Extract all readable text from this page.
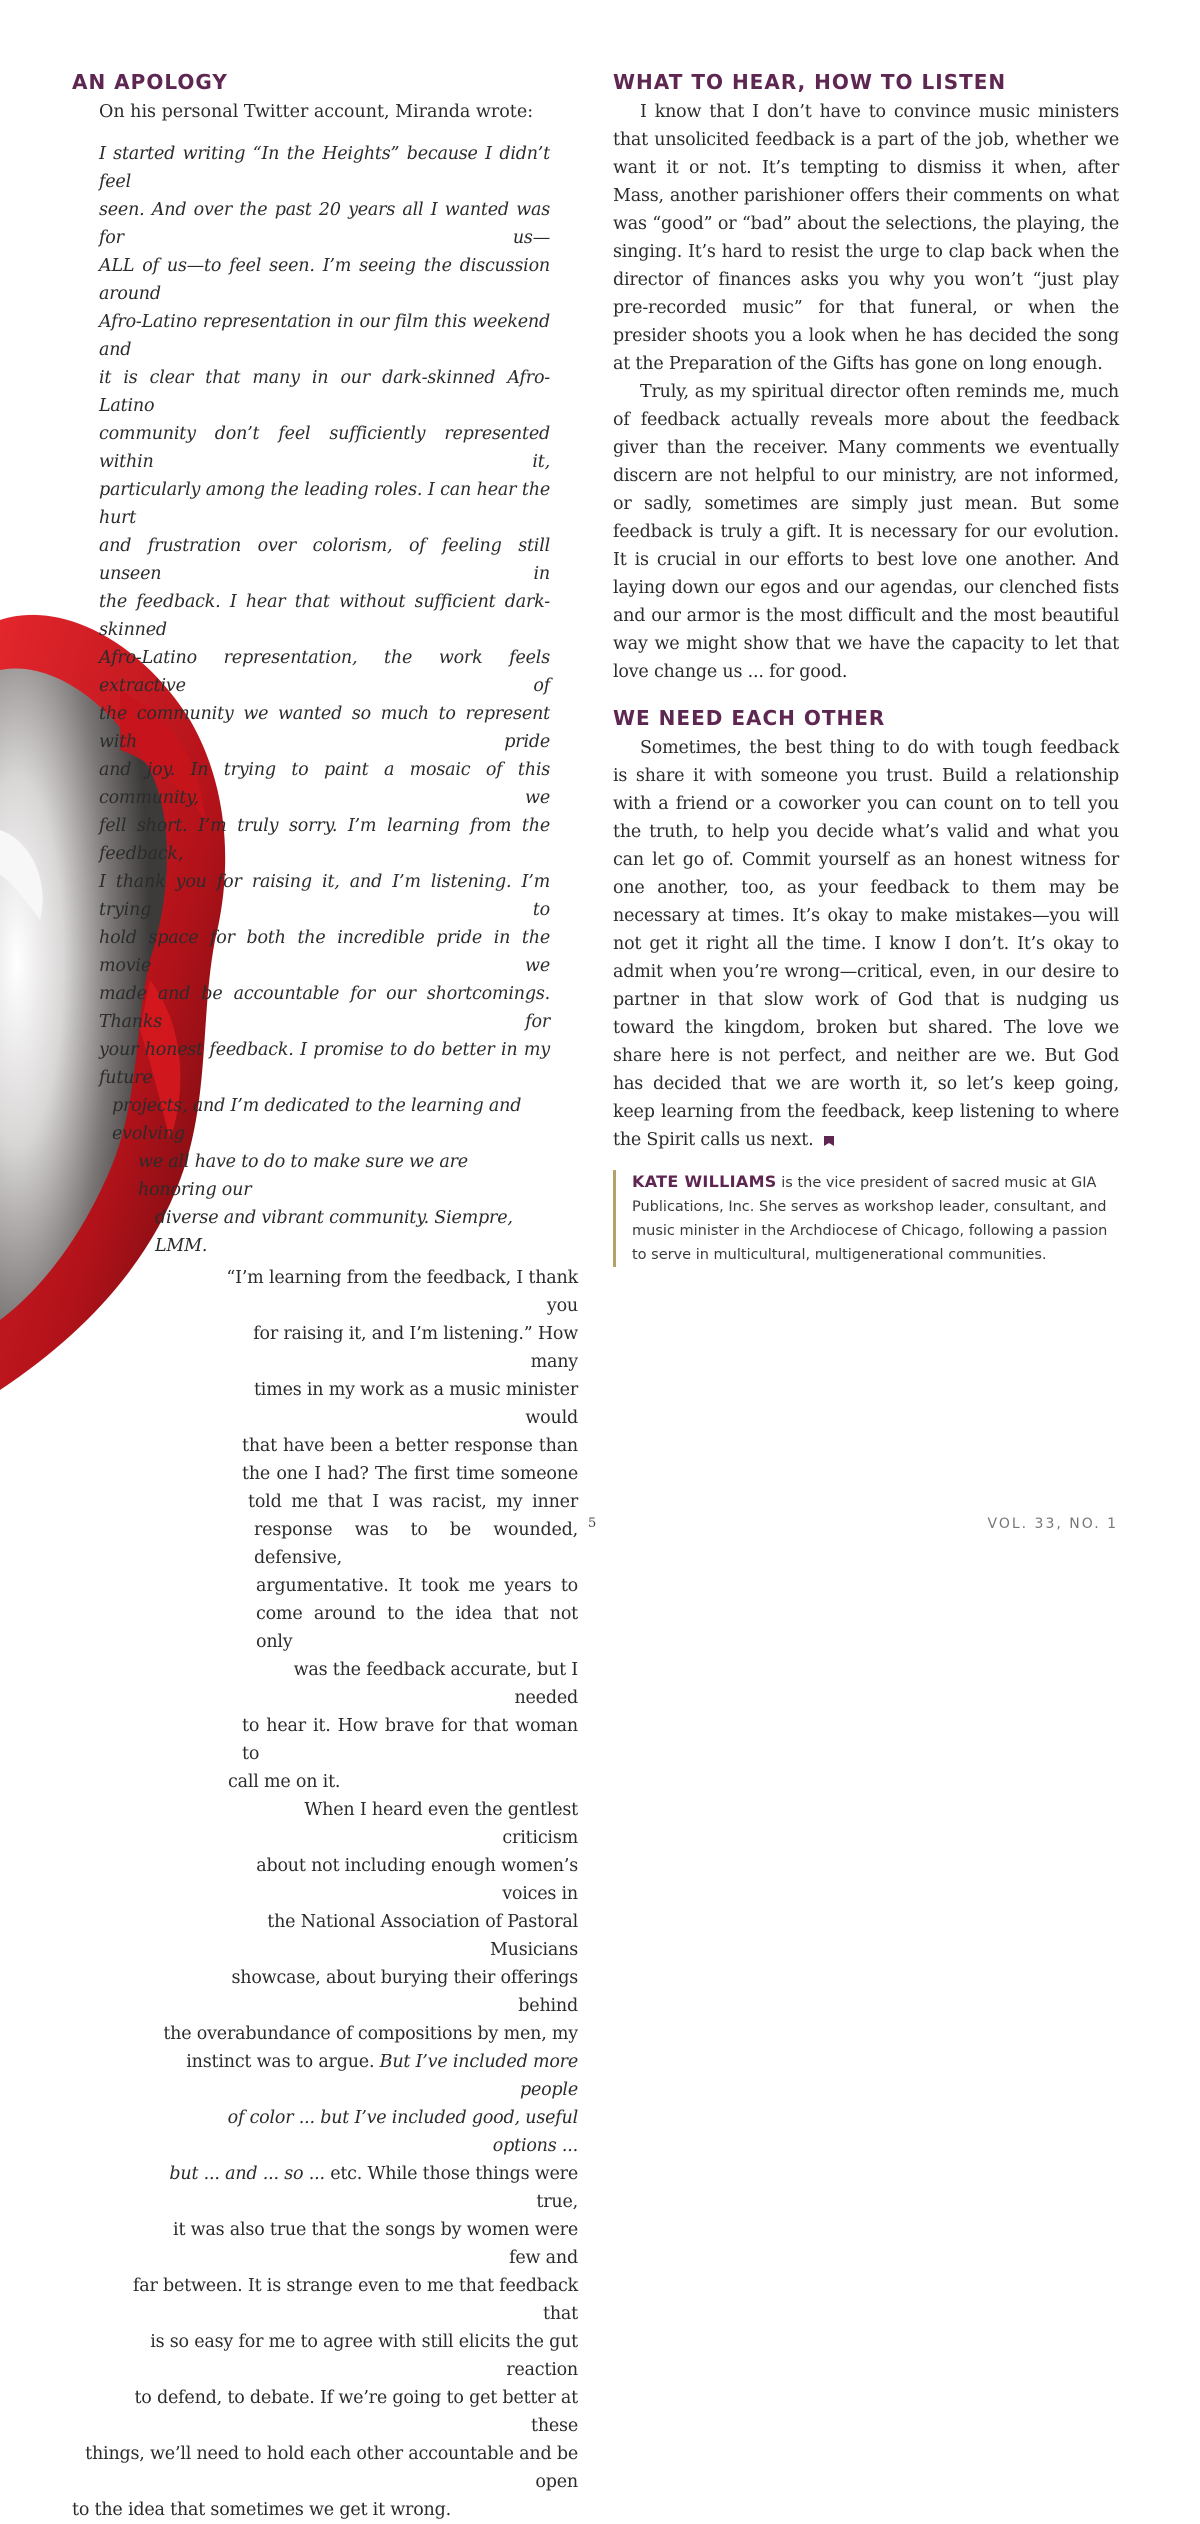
AN APOLOGY

On his personal Twitter account, Miranda wrote:

I started writing “In the Heights” because I didn’t feel
seen. And over the past 20 years all I wanted was for us—
ALL of us—to feel seen. I’m seeing the discussion around
Afro-Latino representation in our film this weekend and
it is clear that many in our dark-skinned Afro-Latino
community don’t feel sufficiently represented within it,
particularly among the leading roles. I can hear the hurt
and frustration over colorism, of feeling still unseen in
the feedback. I hear that without sufficient dark-skinned
Afro-Latino representation, the work feels extractive of
the community we wanted so much to represent with pride
and joy. In trying to paint a mosaic of this community, we
fell short. I’m truly sorry. I’m learning from the feedback,
I thank you for raising it, and I’m listening. I’m trying to
hold space for both the incredible pride in the movie we
made and be accountable for our shortcomings. Thanks for
your honest feedback. I promise to do better in my future
projects, and I’m dedicated to the learning and evolving
we all have to do to make sure we are honoring our
diverse and vibrant community. Siempre, LMM.

“I’m learning from the feedback, I thank you
for raising it, and I’m listening.” How many
times in my work as a music minister would
that have been a better response than
the one I had? The first time someone
told me that I was racist, my inner
response was to be wounded, defensive,
argumentative. It took me years to
come around to the idea that not only
was the feedback accurate, but I needed
to hear it. How brave for that woman to
call me on it.
When I heard even the gentlest criticism
about not including enough women’s voices in
the National Association of Pastoral Musicians
showcase, about burying their offerings behind
the overabundance of compositions by men, my
instinct was to argue. But I’ve included more people
of color ... but I’ve included good, useful options ...
but ... and ... so ... etc. While those things were true,
it was also true that the songs by women were few and
far between. It is strange even to me that feedback that
is so easy for me to agree with still elicits the gut reaction
to defend, to debate. If we’re going to get better at these
things, we’ll need to hold each other accountable and be open
to the idea that sometimes we get it wrong.
WHAT TO HEAR, HOW TO LISTEN

I know that I don’t have to convince music ministers that unsolicited feedback is a part of the job, whether we want it or not. It’s tempting to dismiss it when, after Mass, another parishioner offers their comments on what was “good” or “bad” about the selections, the playing, the singing. It’s hard to resist the urge to clap back when the director of finances asks you why you won’t “just play pre-recorded music” for that funeral, or when the presider shoots you a look when he has decided the song at the Preparation of the Gifts has gone on long enough.

Truly, as my spiritual director often reminds me, much of feedback actually reveals more about the feedback giver than the receiver. Many comments we eventually discern are not helpful to our ministry, are not informed, or sadly, sometimes are simply just mean. But some feedback is truly a gift. It is necessary for our evolution. It is crucial in our efforts to best love one another. And laying down our egos and our agendas, our clenched fists and our armor is the most difficult and the most beautiful way we might show that we have the capacity to let that love change us ... for good.

WE NEED EACH OTHER

Sometimes, the best thing to do with tough feedback is share it with someone you trust. Build a relationship with a friend or a coworker you can count on to tell you the truth, to help you decide what’s valid and what you can let go of. Commit yourself as an honest witness for one another, too, as your feedback to them may be necessary at times. It’s okay to make mistakes—you will not get it right all the time. I know I don’t. It’s okay to admit when you’re wrong—critical, even, in our desire to partner in that slow work of God that is nudging us toward the kingdom, broken but shared. The love we share here is not perfect, and neither are we. But God has decided that we are worth it, so let’s keep going, keep learning from the feedback, keep listening to where the Spirit calls us next.

KATE WILLIAMS is the vice president of sacred music at GIA Publications, Inc. She serves as workshop leader, consultant, and music minister in the Archdiocese of Chicago, following a passion to serve in multicultural, multigenerational communities.
5	VOL. 33, NO. 1
